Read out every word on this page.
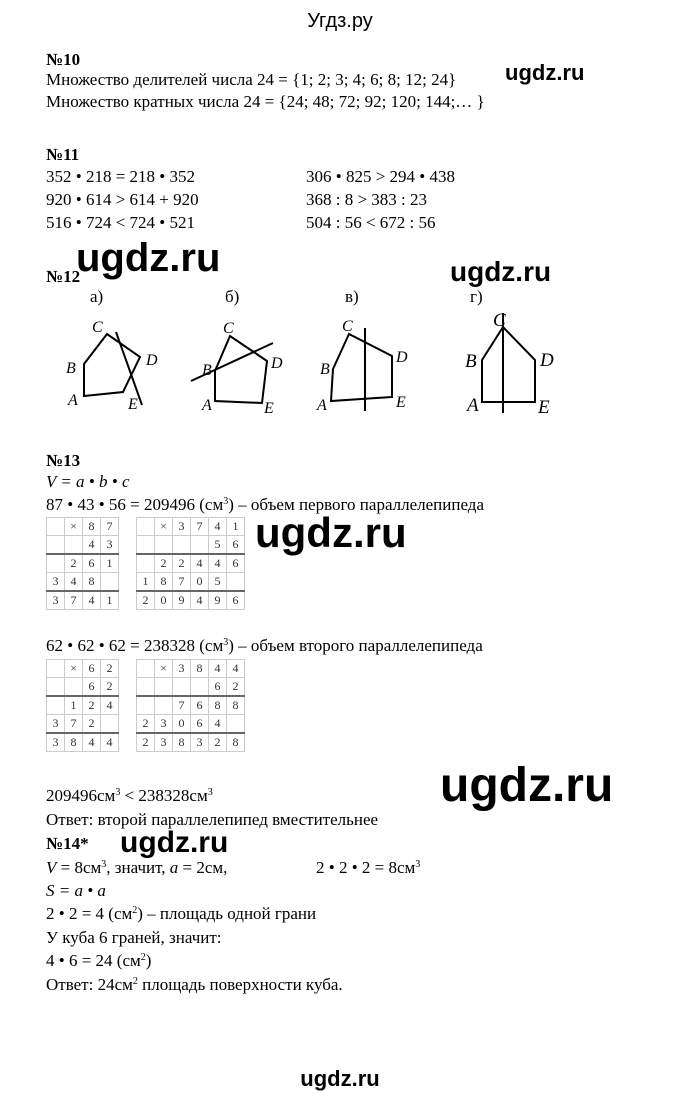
Угдз.ру
№10
Множество делителей числа 24 = {1; 2; 3; 4; 6; 8; 12; 24}
Множество кратных числа 24 = {24; 48; 72; 92; 120; 144;… }
№11
352 • 218 = 218 • 352
920 • 614 > 614 + 920
516 • 724 < 724 • 521
306 • 825 > 294 • 438
368 : 8 > 383 : 23
504 : 56 < 672 : 56
№12
а)	б)	в)	г)
C
B
A	E
D
C
B
A	E
D
C
B
A	E
D
C
B
A	E
D
№13
V = a • b • c
87 • 43 • 56 = 209496 $(см^3)$ – объем первого параллелепипеда
	×	8	7
		4	3
	2	6	1
3	4	8	
3	7	4	1
	×	3	7	4	1
				5	6
	2	2	4	4	6
1	8	7	0	5	
2	0	9	4	9	6
62 • 62 • 62 = 238328 $(см^3)$ – объем второго параллелепипеда
	×	6	2
		6	2
	1	2	4
3	7	2	
3	8	4	4
	×	3	8	4	4
				6	2
		7	6	8	8
2	3	0	6	4	
2	3	8	3	2	8
$209496см^3 < 238328см^3$
Ответ: второй параллелепипед вместительнее
№14*
$V = 8см^3$, значит, a = 2см,	2 • 2 • $2 = 8см^3$
S = a • a
2 • 2 = 4 $(см^2)$ – площадь одной грани
У куба 6 граней, значит:
4 • 6 = 24 $(см^2)$
Ответ: $24см^2$ площадь поверхности куба.
ugdz.ru
ugdz.ru	ugdz.ru
ugdz.ru
ugdz.ru
ugdz.ru
ugdz.ru
